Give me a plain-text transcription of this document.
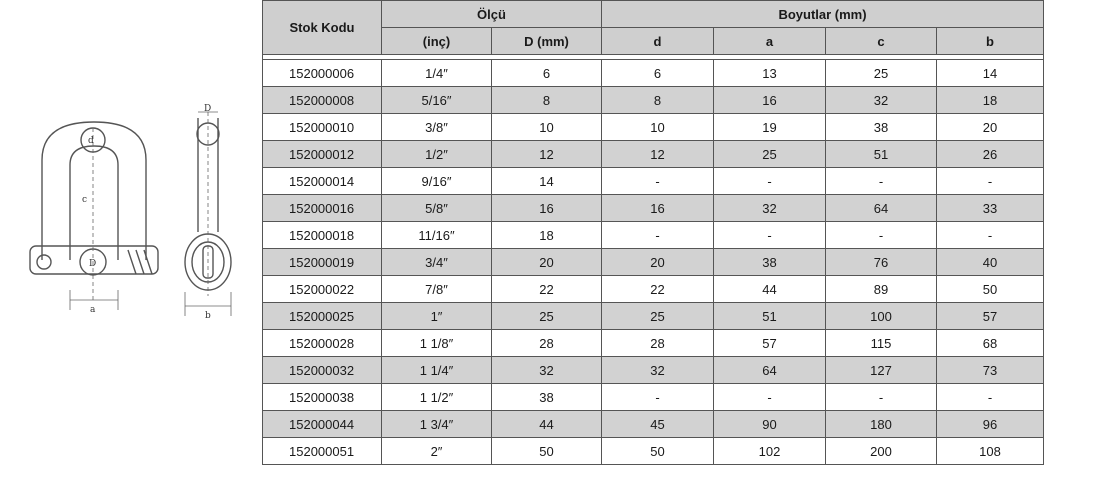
d
c
D
a
D
b
Stok Kodu	Ölçü		Boyutlar (mm)			
	(inç)	D (mm)	d	a	c	b

152000006	1/4″	6	6	13	25	14
152000008	5/16″	8	8	16	32	18
152000010	3/8″	10	10	19	38	20
152000012	1/2″	12	12	25	51	26
152000014	9/16″	14	-	-	-	-
152000016	5/8″	16	16	32	64	33
152000018	11/16″	18	-	-	-	-
152000019	3/4″	20	20	38	76	40
152000022	7/8″	22	22	44	89	50
152000025	1″	25	25	51	100	57
152000028	1 1/8″	28	28	57	115	68
152000032	1 1/4″	32	32	64	127	73
152000038	1 1/2″	38	-	-	-	-
152000044	1 3/4″	44	45	90	180	96
152000051	2″	50	50	102	200	108
